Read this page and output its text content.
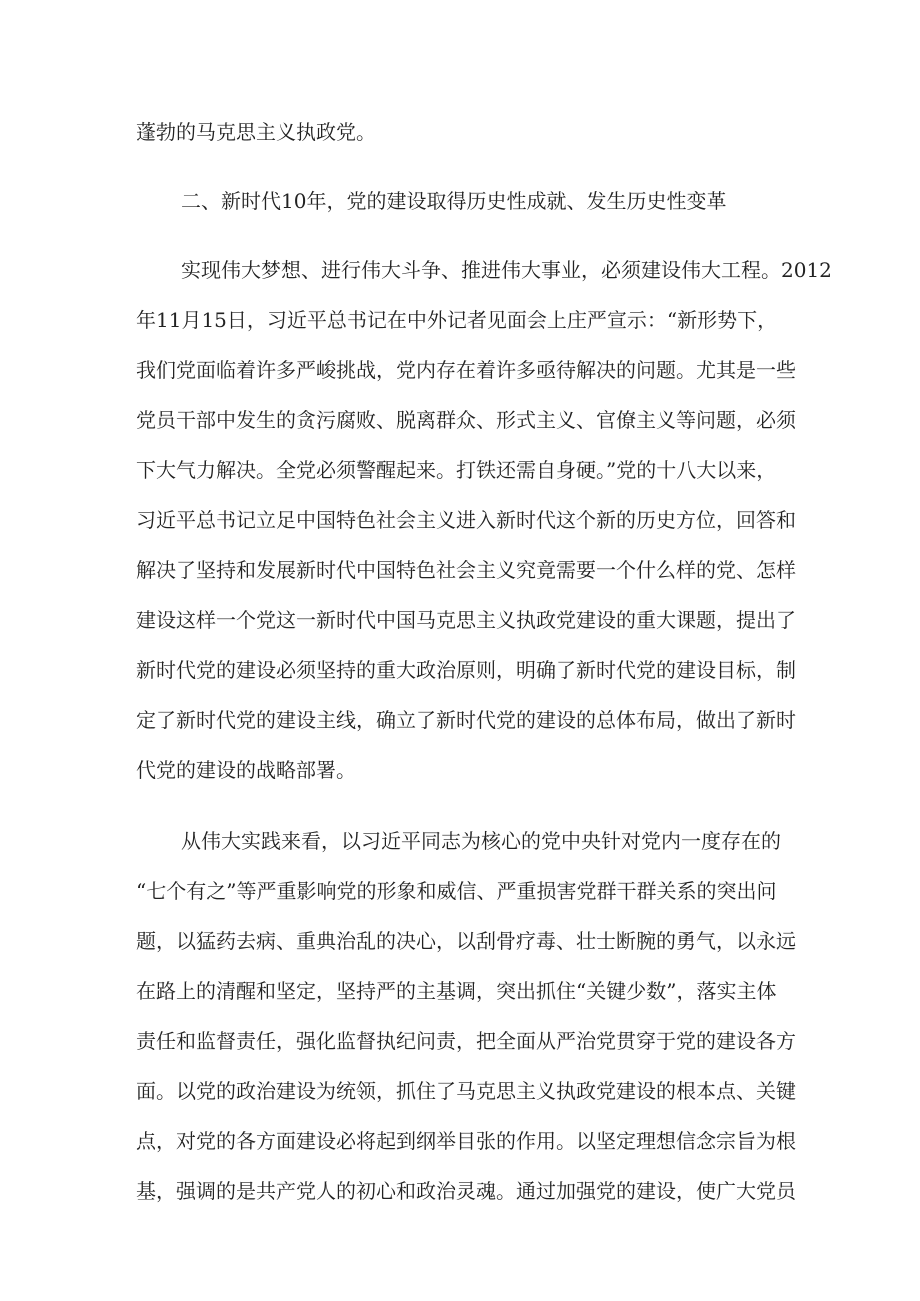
蓬勃的马克思主义执政党。
二、新时代10年，党的建设取得历史性成就、发生历史性变革
实现伟大梦想、进行伟大斗争、推进伟大事业，必须建设伟大工程。2012
年11月15日，习近平总书记在中外记者见面会上庄严宣示：“新形势下，
我们党面临着许多严峻挑战，党内存在着许多亟待解决的问题。尤其是一些
党员干部中发生的贪污腐败、脱离群众、形式主义、官僚主义等问题，必须
下大气力解决。全党必须警醒起来。打铁还需自身硬。”党的十八大以来，
习近平总书记立足中国特色社会主义进入新时代这个新的历史方位，回答和
解决了坚持和发展新时代中国特色社会主义究竟需要一个什么样的党、怎样
建设这样一个党这一新时代中国马克思主义执政党建设的重大课题，提出了
新时代党的建设必须坚持的重大政治原则，明确了新时代党的建设目标，制
定了新时代党的建设主线，确立了新时代党的建设的总体布局，做出了新时
代党的建设的战略部署。
从伟大实践来看，以习近平同志为核心的党中央针对党内一度存在的
“七个有之”等严重影响党的形象和威信、严重损害党群干群关系的突出问
题，以猛药去病、重典治乱的决心，以刮骨疗毒、壮士断腕的勇气，以永远
在路上的清醒和坚定，坚持严的主基调，突出抓住“关键少数”，落实主体
责任和监督责任，强化监督执纪问责，把全面从严治党贯穿于党的建设各方
面。以党的政治建设为统领，抓住了马克思主义执政党建设的根本点、关键
点，对党的各方面建设必将起到纲举目张的作用。以坚定理想信念宗旨为根
基，强调的是共产党人的初心和政治灵魂。通过加强党的建设，使广大党员
